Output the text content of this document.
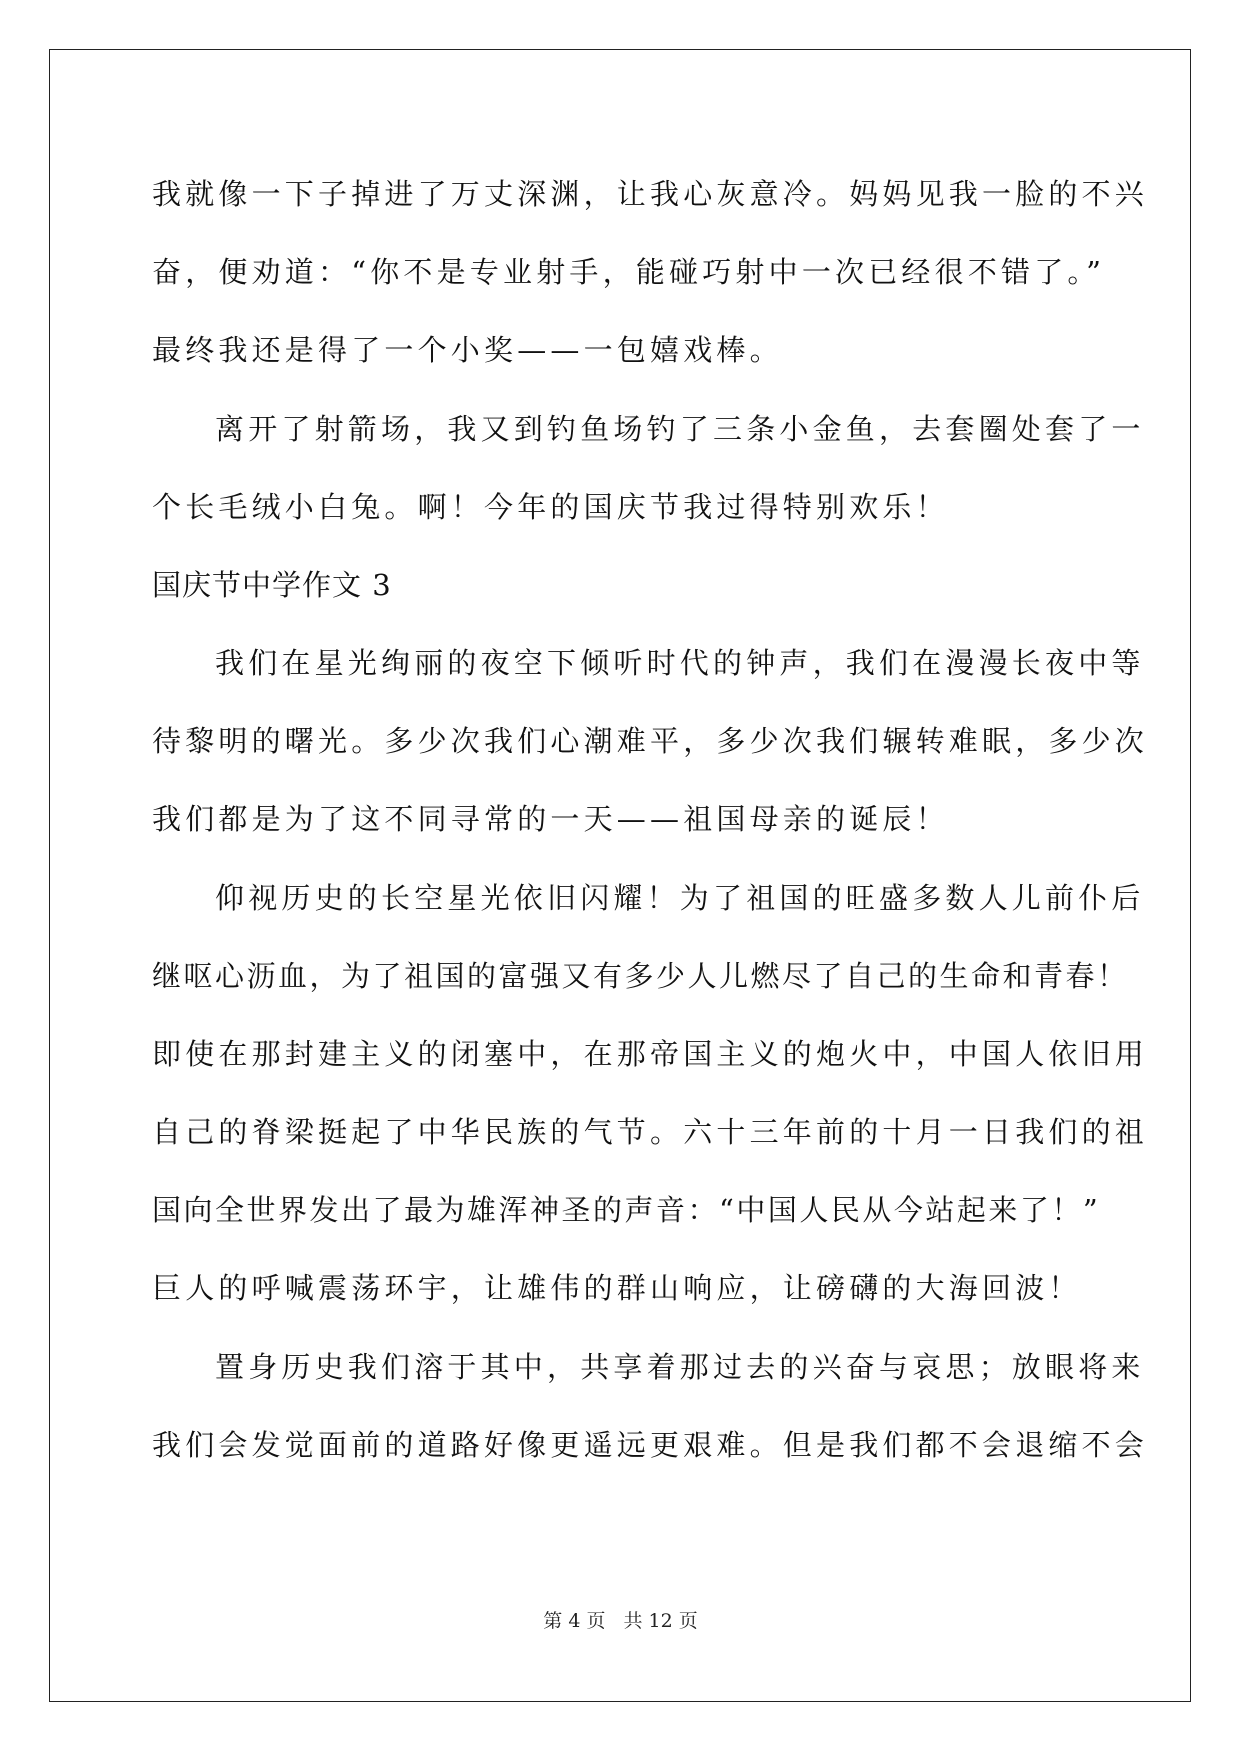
我就像一下子掉进了万丈深渊，让我心灰意冷。妈妈见我一脸的不兴

奋，便劝道：“你不是专业射手，能碰巧射中一次已经很不错了。”

最终我还是得了一个小奖——一包嬉戏棒。

离开了射箭场，我又到钓鱼场钓了三条小金鱼，去套圈处套了一

个长毛绒小白兔。啊！今年的国庆节我过得特别欢乐！

国庆节中学作文 3

我们在星光绚丽的夜空下倾听时代的钟声，我们在漫漫长夜中等

待黎明的曙光。多少次我们心潮难平，多少次我们辗转难眠，多少次

我们都是为了这不同寻常的一天——祖国母亲的诞辰！

仰视历史的长空星光依旧闪耀！为了祖国的旺盛多数人儿前仆后

继呕心沥血，为了祖国的富强又有多少人儿燃尽了自己的生命和青春！

即使在那封建主义的闭塞中，在那帝国主义的炮火中，中国人依旧用

自己的脊梁挺起了中华民族的气节。六十三年前的十月一日我们的祖

国向全世界发出了最为雄浑神圣的声音：“中国人民从今站起来了！”

巨人的呼喊震荡环宇，让雄伟的群山响应，让磅礴的大海回波！

置身历史我们溶于其中，共享着那过去的兴奋与哀思；放眼将来

我们会发觉面前的道路好像更遥远更艰难。但是我们都不会退缩不会

第 4 页 共 12 页
